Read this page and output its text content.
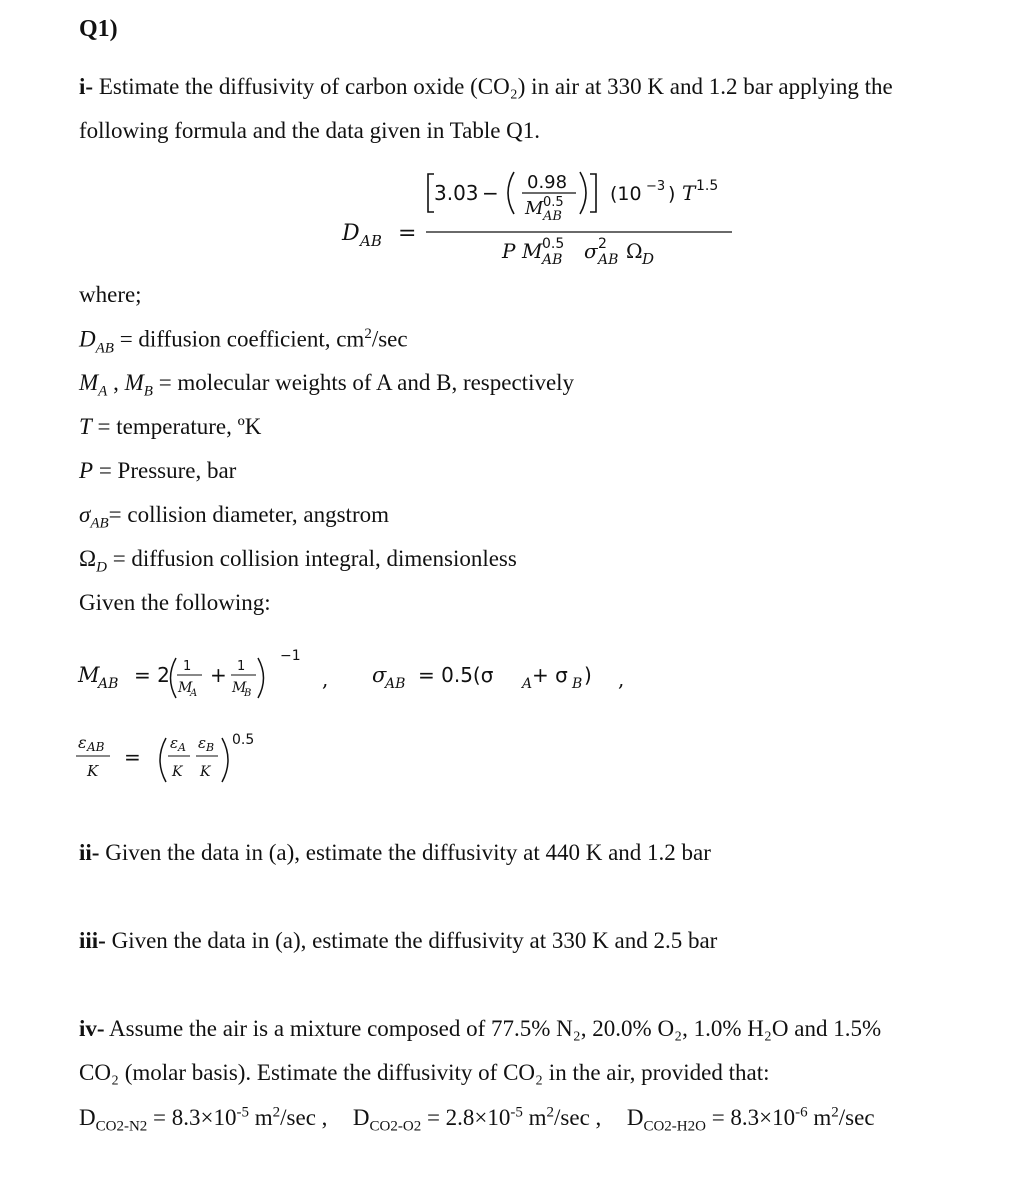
Q1)
i- Estimate the diffusivity of carbon oxide (CO₂) in air at 330 K and 1.2 bar applying the
following formula and the data given in Table Q1.
D AB =
3.03 − 0.98
M 0.5
AB
(10 −3 ) T 1.5
P M 0.5
AB σ 2
AB Ω D
where;
$D_{AB}$ = diffusion coefficient, $cm^2/\sec$
$M_A$ , $M_B$ = molecular weights of A and B, respectively
T = temperature, ºK
P = Pressure, bar
$\sigma_{AB}=$ collision diameter, angstrom
$\Omega_D$ = diffusion collision integral, dimensionless
Given the following:
M
AB = 2 1
M
A
+ 1
M
B
−1
, σ
AB = 0.5(σ A + σ B ) ,
ε AB
K
=
ε A
K
ε B
K
0.5
ii- Given the data in (a), estimate the diffusivity at 440 K and 1.2 bar
iii- Given the data in (a), estimate the diffusivity at 330 K and 2.5 bar
iv- Assume the air is a mixture composed of 77.5% N₂, 20.0% O₂, 1.0% H₂O and 1.5%
CO₂ (molar basis). Estimate the diffusivity of CO₂ in the air, provided that:
$D_{CO2-N2} = 8.3\times 10^{-5}$ $m^2/\sec$ , $D_{CO2-O2} = 2.8\times 10^{-5}$ $m^2/\sec$ , $D_{CO2-H2O} = 8.3\times 10^{-6}$ $m^2/\sec$
